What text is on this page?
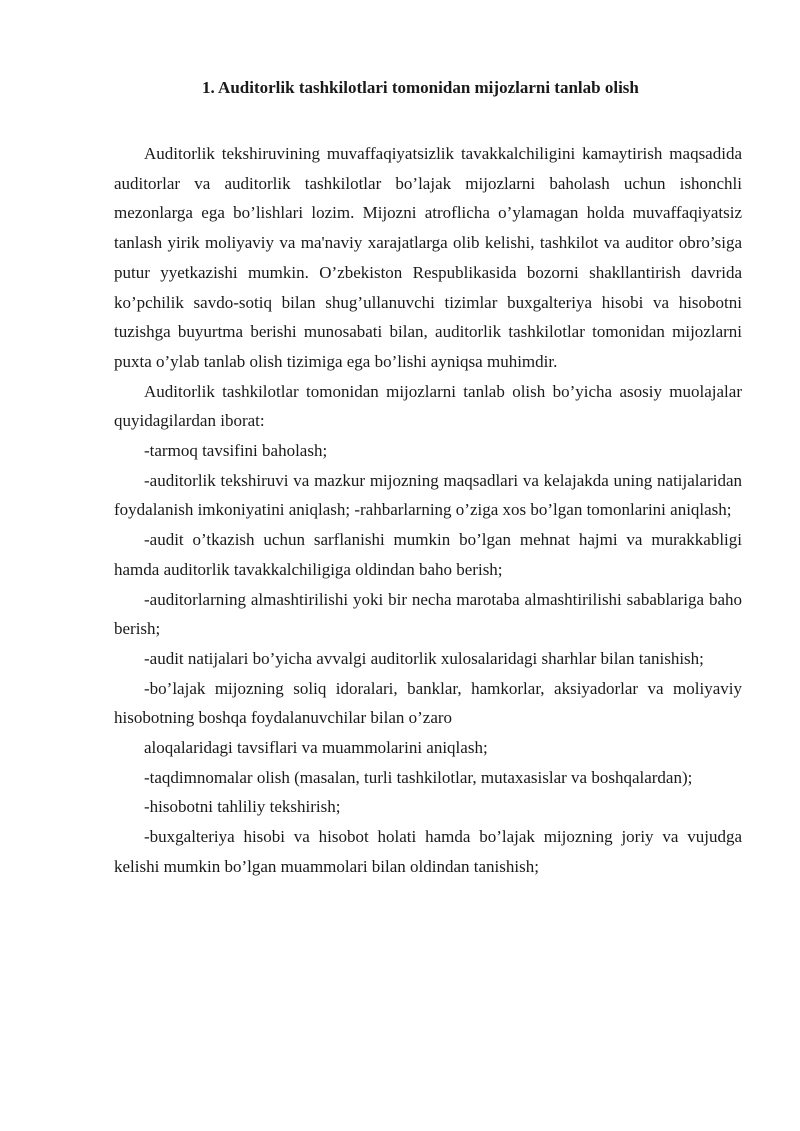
1. Auditorlik tashkilotlari tomonidan mijozlarni tanlab olish

Auditorlik tekshiruvining muvaffaqiyatsizlik tavakkalchiligini kamaytirish maqsadida auditorlar va auditorlik tashkilotlar bo’lajak mijozlarni baholash uchun ishonchli mezonlarga ega bo’lishlari lozim. Mijozni atroflicha o’ylamagan holda muvaffaqiyatsiz tanlash yirik moliyaviy va ma'naviy xarajatlarga olib kelishi, tashkilot va auditor obro’siga putur yyetkazishi mumkin. O’zbekiston Respublikasida bozorni shakllantirish davrida ko’pchilik savdo-sotiq bilan shug’ullanuvchi tizimlar buxgalteriya hisobi va hisobotni tuzishga buyurtma berishi munosabati bilan, auditorlik tashkilotlar tomonidan mijozlarni puxta o’ylab tanlab olish tizimiga ega bo’lishi ayniqsa muhimdir.

Auditorlik tashkilotlar tomonidan mijozlarni tanlab olish bo’yicha asosiy muolajalar quyidagilardan iborat:

-tarmoq tavsifini baholash;

-auditorlik tekshiruvi va mazkur mijozning maqsadlari va kelajakda uning natijalaridan foydalanish imkoniyatini aniqlash; -rahbarlarning o’ziga xos bo’lgan tomonlarini aniqlash;

-audit o’tkazish uchun sarflanishi mumkin bo’lgan mehnat hajmi va murakkabligi hamda auditorlik tavakkalchiligiga oldindan baho berish;

-auditorlarning almashtirilishi yoki bir necha marotaba almashtirilishi sabablariga baho berish;

-audit natijalari bo’yicha avvalgi auditorlik xulosalaridagi sharhlar bilan tanishish;

-bo’lajak mijozning soliq idoralari, banklar, hamkorlar, aksiyadorlar va moliyaviy hisobotning boshqa foydalanuvchilar bilan o’zaro

aloqalaridagi tavsiflari va muammolarini aniqlash;

-taqdimnomalar olish (masalan, turli tashkilotlar, mutaxasislar va boshqalardan);

-hisobotni tahliliy tekshirish;

-buxgalteriya hisobi va hisobot holati hamda bo’lajak mijozning joriy va vujudga kelishi mumkin bo’lgan muammolari bilan oldindan tanishish;
